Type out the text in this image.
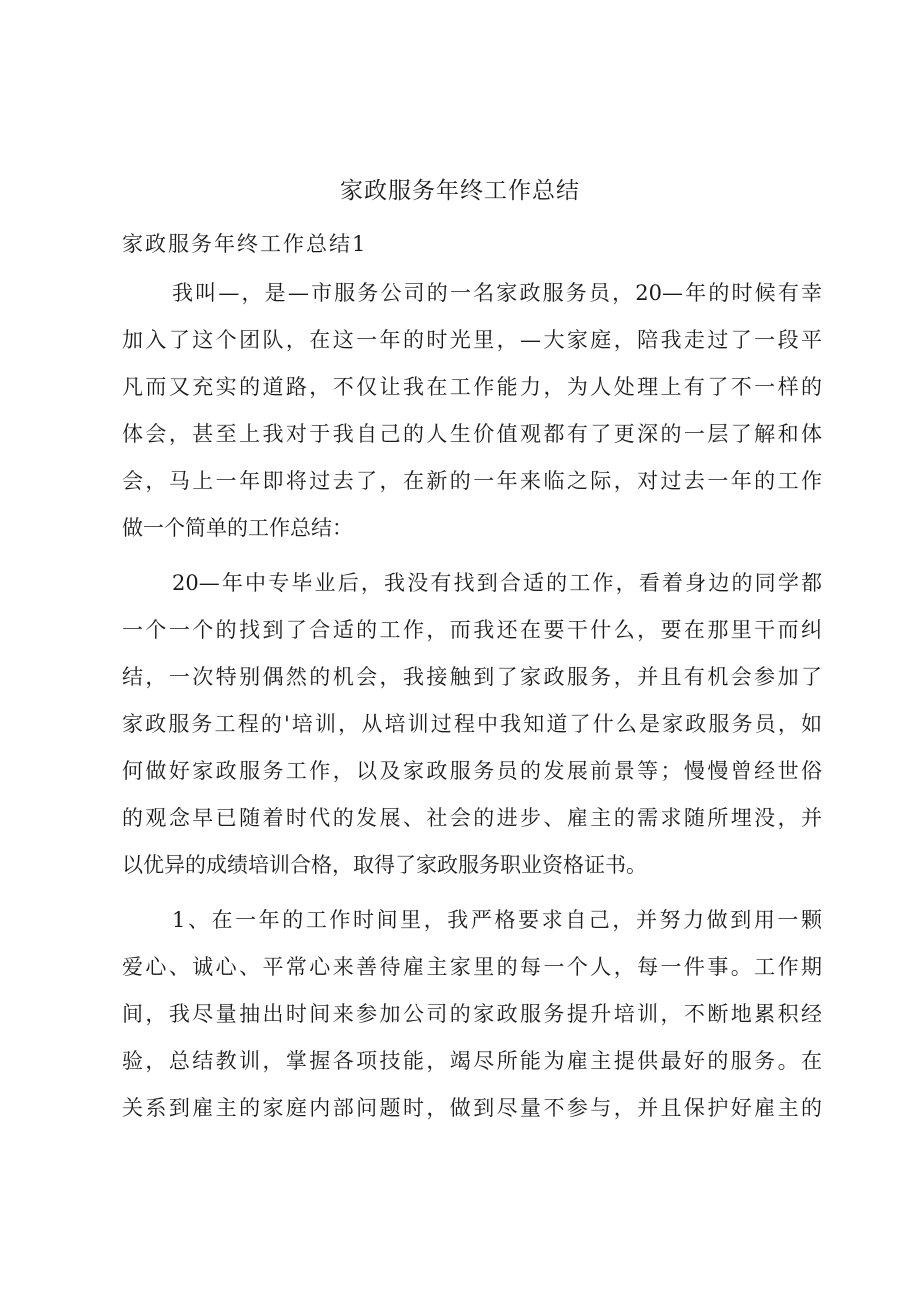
家政服务年终工作总结
家政服务年终工作总结1
我叫—，是—市服务公司的一名家政服务员，20—年的时候有幸
加入了这个团队，在这一年的时光里，—大家庭，陪我走过了一段平
凡而又充实的道路，不仅让我在工作能力，为人处理上有了不一样的
体会，甚至上我对于我自己的人生价值观都有了更深的一层了解和体
会，马上一年即将过去了，在新的一年来临之际，对过去一年的工作
做一个简单的工作总结：
20—年中专毕业后，我没有找到合适的工作，看着身边的同学都
一个一个的找到了合适的工作，而我还在要干什么，要在那里干而纠
结，一次特别偶然的机会，我接触到了家政服务，并且有机会参加了
家政服务工程的'培训，从培训过程中我知道了什么是家政服务员，如
何做好家政服务工作，以及家政服务员的发展前景等；慢慢曾经世俗
的观念早已随着时代的发展、社会的进步、雇主的需求随所埋没，并
以优异的成绩培训合格，取得了家政服务职业资格证书。
1、在一年的工作时间里，我严格要求自己，并努力做到用一颗
爱心、诚心、平常心来善待雇主家里的每一个人，每一件事。工作期
间，我尽量抽出时间来参加公司的家政服务提升培训，不断地累积经
验，总结教训，掌握各项技能，竭尽所能为雇主提供最好的服务。在
关系到雇主的家庭内部问题时，做到尽量不参与，并且保护好雇主的
